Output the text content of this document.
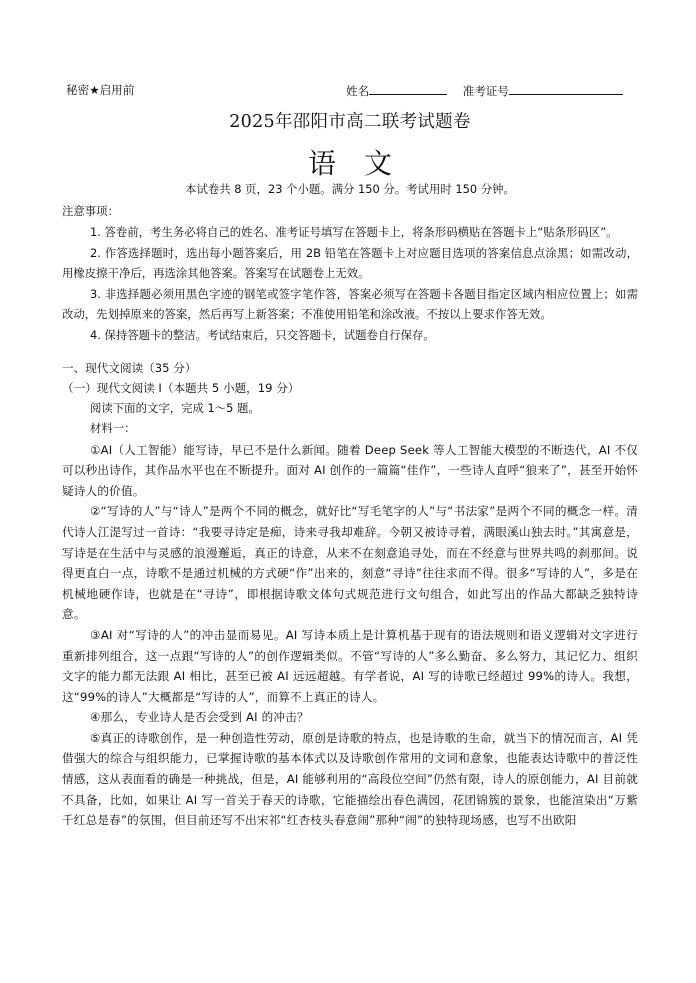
秘密★启用前	姓名	准考证号
2025年邵阳市高二联考试题卷
语文
本试卷共 8 页，23 个小题。满分 150 分。考试用时 150 分钟。
注意事项：

1. 答卷前，考生务必将自己的姓名、准考证号填写在答题卡上，将条形码横贴在答题卡上“贴条形码区”。

2. 作答选择题时，选出每小题答案后，用 2B 铅笔在答题卡上对应题目选项的答案信息点涂黑；如需改动，用橡皮擦干净后，再选涂其他答案。答案写在试题卷上无效。

3. 非选择题必须用黑色字迹的钢笔或签字笔作答，答案必须写在答题卡各题目指定区域内相应位置上；如需改动，先划掉原来的答案，然后再写上新答案；不准使用铅笔和涂改液。不按以上要求作答无效。

4. 保持答题卡的整洁。考试结束后，只交答题卡，试题卷自行保存。

一、现代文阅读（35 分）
（一）现代文阅读 Ⅰ（本题共 5 小题，19 分）
阅读下面的文字，完成 1～5 题。
材料一：

①AI（人工智能）能写诗，早已不是什么新闻。随着 Deep Seek 等人工智能大模型的不断迭代，AI 不仅可以秒出诗作，其作品水平也在不断提升。面对 AI 创作的一篇篇“佳作”，一些诗人直呼“狼来了”，甚至开始怀疑诗人的价值。

②“写诗的人”与“诗人”是两个不同的概念，就好比“写毛笔字的人”与“书法家”是两个不同的概念一样。清代诗人江湜写过一首诗：“我要寻诗定是痴，诗来寻我却难辞。今朝又被诗寻着，满眼溪山独去时。”其寓意是，写诗是在生活中与灵感的浪漫邂逅，真正的诗意，从来不在刻意追寻处，而在不经意与世界共鸣的刹那间。说得更直白一点，诗歌不是通过机械的方式硬“作”出来的，刻意“寻诗”往往求而不得。很多“写诗的人”，多是在机械地硬作诗，也就是在“寻诗”，即根据诗歌文体句式规范进行文句组合，如此写出的作品大都缺乏独特诗意。

③AI 对“写诗的人”的冲击显而易见。AI 写诗本质上是计算机基于现有的语法规则和语义逻辑对文字进行重新排列组合，这一点跟“写诗的人”的创作逻辑类似。不管“写诗的人”多么勤奋、多么努力，其记忆力、组织文字的能力都无法跟 AI 相比，甚至已被 AI 远远超越。有学者说，AI 写的诗歌已经超过 99%的诗人。我想，这“99%的诗人”大概都是“写诗的人”，而算不上真正的诗人。

④那么，专业诗人是否会受到 AI 的冲击？

⑤真正的诗歌创作，是一种创造性劳动，原创是诗歌的特点，也是诗歌的生命，就当下的情况而言，AI 凭借强大的综合与组织能力，已掌握诗歌的基本体式以及诗歌创作常用的文词和意象，也能表达诗歌中的普泛性情感，这从表面看的确是一种挑战，但是，AI 能够利用的“高段位空间”仍然有限，诗人的原创能力，AI 目前就不具备，比如，如果让 AI 写一首关于春天的诗歌，它能描绘出春色满园，花团锦簇的景象，也能渲染出“万紫千红总是春”的氛围，但目前还写不出宋祁“红杏枝头春意闹”那种“闹”的独特现场感，也写不出欧阳
